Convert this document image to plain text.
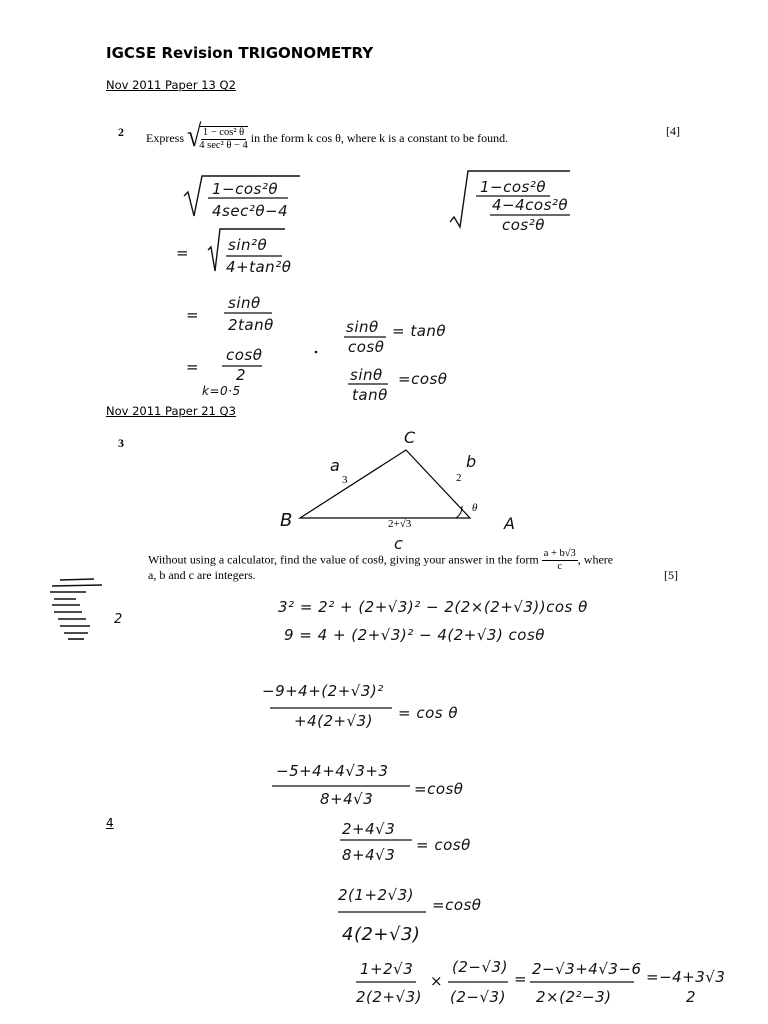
IGCSE Revision TRIGONOMETRY
Nov 2011 Paper 13 Q2
2 Express √
$\frac{\text{1 − cos² θ}}{\text{4 sec² θ − 4}}$ in the form k cos θ, where k is a constant to be found.	[4]
1−cos²θ
4sec²θ−4
=	sin²θ
4+tan²θ
=
sinθ
2tanθ
=
cosθ
2
k=0·5
1−cos²θ
4−4cos²θ
cos²θ
sinθ
cosθ
= tanθ
sinθ
tanθ
=cosθ
Nov 2011 Paper 21 Q3
3	C
B	A
3
a
2
b
2+√3
c
θ
Without using a calculator, find the value of cosθ, giving your answer in the form $\frac{a + b√3}{c}$ , where
a, b and c are integers.	[5]
2
3² = 2² + (2+√3)² − 2(2×(2+√3))cos θ
9 = 4 + (2+√3)² − 4(2+√3) cosθ
−9+4+(2+√3)²
+4(2+√3) = cos θ
−5+4+4√3+3
8+4√3
=cosθ
4	2+4√3
8+4√3
= cosθ
2(1+2√3)
4(2+√3)
=cosθ
1+2√3
2(2+√3)
×
(2−√3)
(2−√3)
=
2−√3+4√3−6
2×(2²−3)
=−4+3√3
2
